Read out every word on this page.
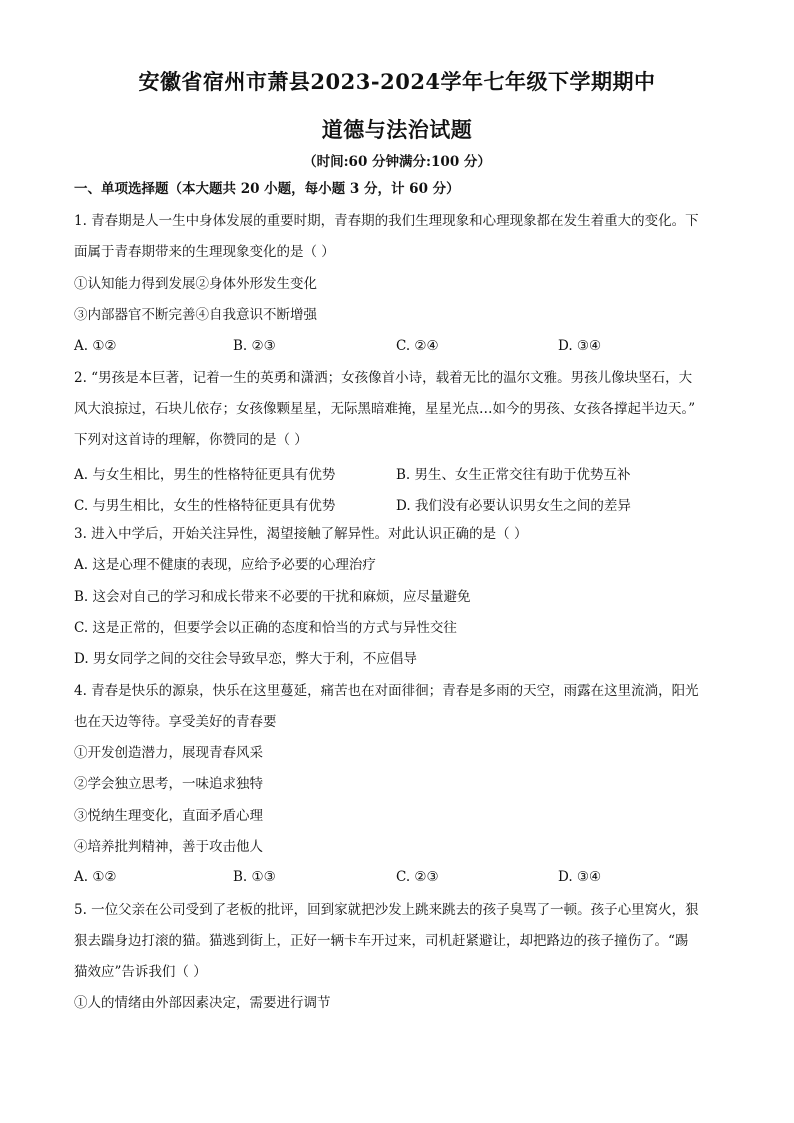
安徽省宿州市萧县2023-2024学年七年级下学期期中
道德与法治试题
（时间:60 分钟满分:100 分）
一、单项选择题（本大题共 20 小题，每小题 3 分，计 60 分）
1. 青春期是人一生中身体发展的重要时期，青春期的我们生理现象和心理现象都在发生着重大的变化。下
面属于青春期带来的生理现象变化的是（ ）
①认知能力得到发展②身体外形发生变化
③内部器官不断完善④自我意识不断增强
A. ①②	B. ②③	C. ②④	D. ③④
2. “男孩是本巨著，记着一生的英勇和潇洒；女孩像首小诗，载着无比的温尔文雅。男孩儿像块坚石，大
风大浪掠过，石块儿依存；女孩像颗星星，无际黑暗难掩，星星光点…如今的男孩、女孩各撑起半边天。”
下列对这首诗的理解，你赞同的是（ ）
A. 与女生相比，男生的性格特征更具有优势	B. 男生、女生正常交往有助于优势互补
C. 与男生相比，女生的性格特征更具有优势	D. 我们没有必要认识男女生之间的差异
3. 进入中学后，开始关注异性，渴望接触了解异性。对此认识正确的是（ ）
A. 这是心理不健康的表现，应给予必要的心理治疗
B. 这会对自己的学习和成长带来不必要的干扰和麻烦，应尽量避免
C. 这是正常的，但要学会以正确的态度和恰当的方式与异性交往
D. 男女同学之间的交往会导致早恋，弊大于利，不应倡导
4. 青春是快乐的源泉，快乐在这里蔓延，痛苦也在对面徘徊；青春是多雨的天空，雨露在这里流淌，阳光
也在天边等待。享受美好的青春要
①开发创造潜力，展现青春风采
②学会独立思考，一味追求独特
③悦纳生理变化，直面矛盾心理
④培养批判精神，善于攻击他人
A. ①②	B. ①③	C. ②③	D. ③④
5. 一位父亲在公司受到了老板的批评，回到家就把沙发上跳来跳去的孩子臭骂了一顿。孩子心里窝火，狠
狠去踹身边打滚的猫。猫逃到街上，正好一辆卡车开过来，司机赶紧避让，却把路边的孩子撞伤了。“踢
猫效应”告诉我们（ ）
①人的情绪由外部因素决定，需要进行调节
